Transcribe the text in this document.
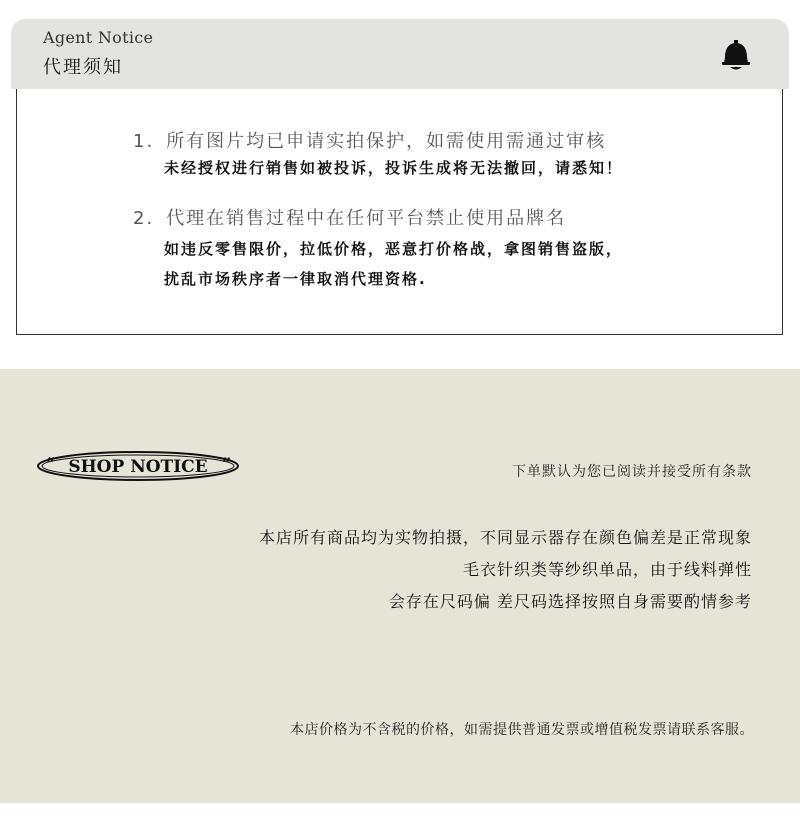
Agent Notice
代理须知
1. 所有图片均已申请实拍保护，如需使用需通过审核
未经授权进行销售如被投诉，投诉生成将无法撤回，请悉知！
2. 代理在销售过程中在任何平台禁止使用品牌名
如违反零售限价，拉低价格，恶意打价格战，拿图销售盗版，
扰乱市场秩序者一律取消代理资格.
SHOP NOTICE
“	”	下单默认为您已阅读并接受所有条款
本店所有商品均为实物拍摄，不同显示器存在颜色偏差是正常现象
毛衣针织类等纱织单品，由于线料弹性
会存在尺码偏 差尺码选择按照自身需要酌情参考
本店价格为不含税的价格，如需提供普通发票或增值税发票请联系客服。
